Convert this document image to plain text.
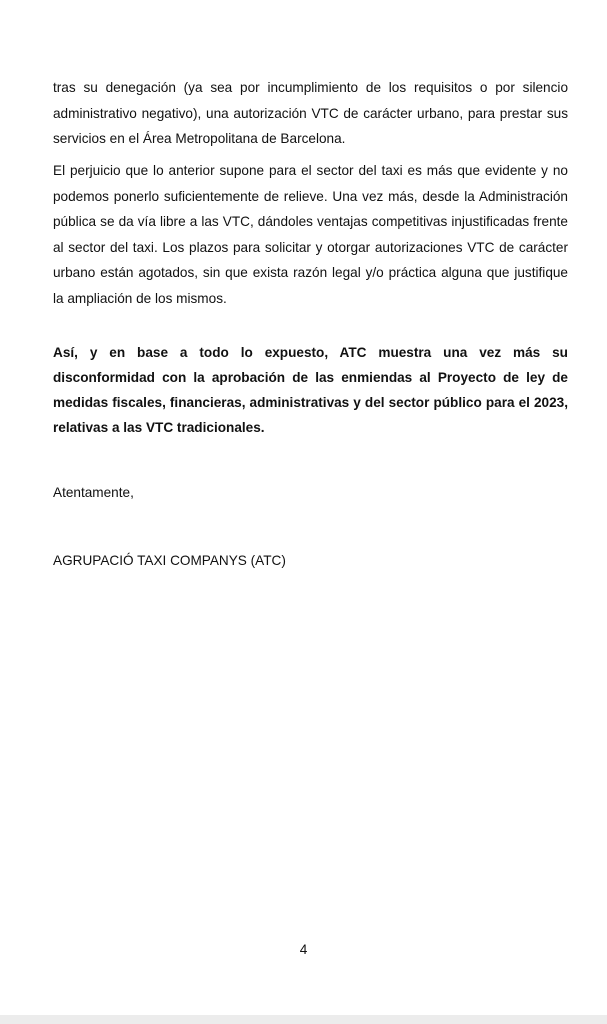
tras su denegación (ya sea por incumplimiento de los requisitos o por silencio administrativo negativo), una autorización VTC de carácter urbano, para prestar sus servicios en el Área Metropolitana de Barcelona.

El perjuicio que lo anterior supone para el sector del taxi es más que evidente y no podemos ponerlo suficientemente de relieve. Una vez más, desde la Administración pública se da vía libre a las VTC, dándoles ventajas competitivas injustificadas frente al sector del taxi. Los plazos para solicitar y otorgar autorizaciones VTC de carácter urbano están agotados, sin que exista razón legal y/o práctica alguna que justifique la ampliación de los mismos.

Así, y en base a todo lo expuesto, ATC muestra una vez más su disconformidad con la aprobación de las enmiendas al Proyecto de ley de medidas fiscales, financieras, administrativas y del sector público para el 2023, relativas a las VTC tradicionales.

Atentamente,

AGRUPACIÓ TAXI COMPANYS (ATC)

4
